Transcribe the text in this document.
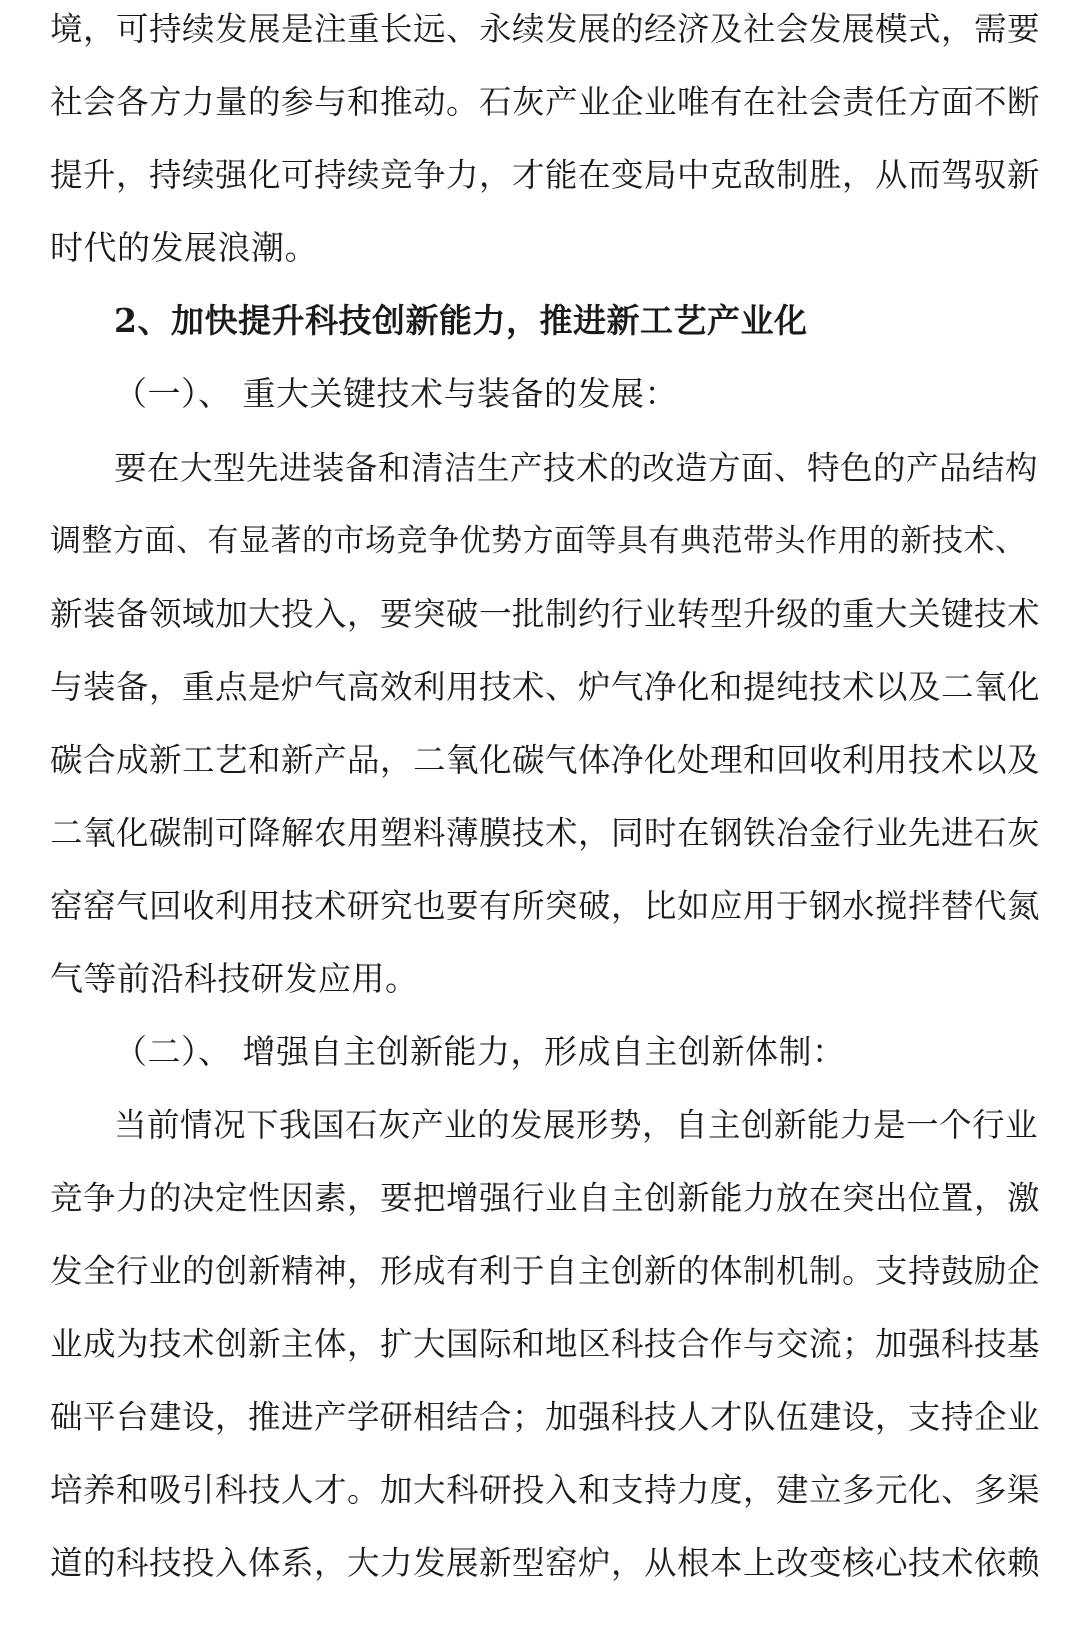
境，可持续发展是注重长远、永续发展的经济及社会发展模式，需要
社会各方力量的参与和推动。石灰产业企业唯有在社会责任方面不断
提升，持续强化可持续竞争力，才能在变局中克敌制胜，从而驾驭新
时代的发展浪潮。
2、加快提升科技创新能力，推进新工艺产业化
（一）、 重大关键技术与装备的发展：
要在大型先进装备和清洁生产技术的改造方面、特色的产品结构
调整方面、有显著的市场竞争优势方面等具有典范带头作用的新技术、
新装备领域加大投入，要突破一批制约行业转型升级的重大关键技术
与装备，重点是炉气高效利用技术、炉气净化和提纯技术以及二氧化
碳合成新工艺和新产品，二氧化碳气体净化处理和回收利用技术以及
二氧化碳制可降解农用塑料薄膜技术，同时在钢铁冶金行业先进石灰
窑窑气回收利用技术研究也要有所突破，比如应用于钢水搅拌替代氮
气等前沿科技研发应用。
（二）、 增强自主创新能力，形成自主创新体制：
当前情况下我国石灰产业的发展形势，自主创新能力是一个行业
竞争力的决定性因素，要把增强行业自主创新能力放在突出位置，激
发全行业的创新精神，形成有利于自主创新的体制机制。支持鼓励企
业成为技术创新主体，扩大国际和地区科技合作与交流；加强科技基
础平台建设，推进产学研相结合；加强科技人才队伍建设，支持企业
培养和吸引科技人才。加大科研投入和支持力度，建立多元化、多渠
道的科技投入体系，大力发展新型窑炉，从根本上改变核心技术依赖
